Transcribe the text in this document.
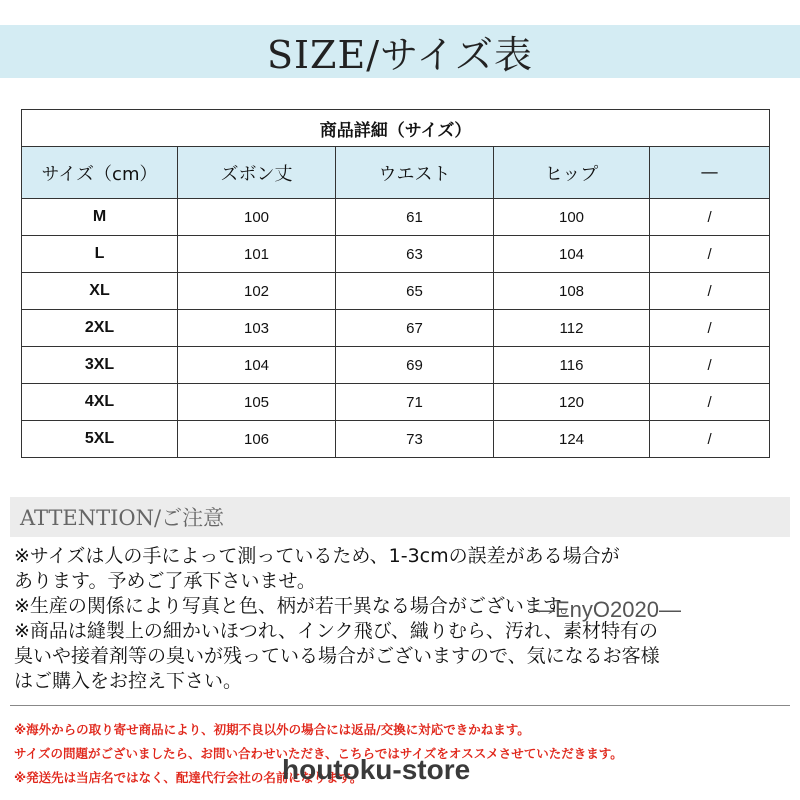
SIZE/サイズ表
商品詳細（サイズ）				
サイズ（cm）	ズボン丈	ウエスト	ヒップ	—
M	100	61	100	/
L	101	63	104	/
XL	102	65	108	/
2XL	103	67	112	/
3XL	104	69	116	/
4XL	105	71	120	/
5XL	106	73	124	/
ATTENTION/ご注意
※サイズは人の手によって測っているため、1-3cmの誤差がある場合が
あります。予めご了承下さいませ。
※生産の関係により写真と色、柄が若干異なる場合がございます。
※商品は縫製上の細かいほつれ、インク飛び、織りむら、汚れ、素材特有の
臭いや接着剤等の臭いが残っている場合がございますので、気になるお客様
はご購入をお控え下さい。
—EnyO2020—
※海外からの取り寄せ商品により、初期不良以外の場合には返品/交換に対応できかねます。
サイズの問題がございましたら、お問い合わせいただき、こちらではサイズをオススメさせていただきます。
※発送先は当店名ではなく、配達代行会社の名前になります。
houtoku-store
